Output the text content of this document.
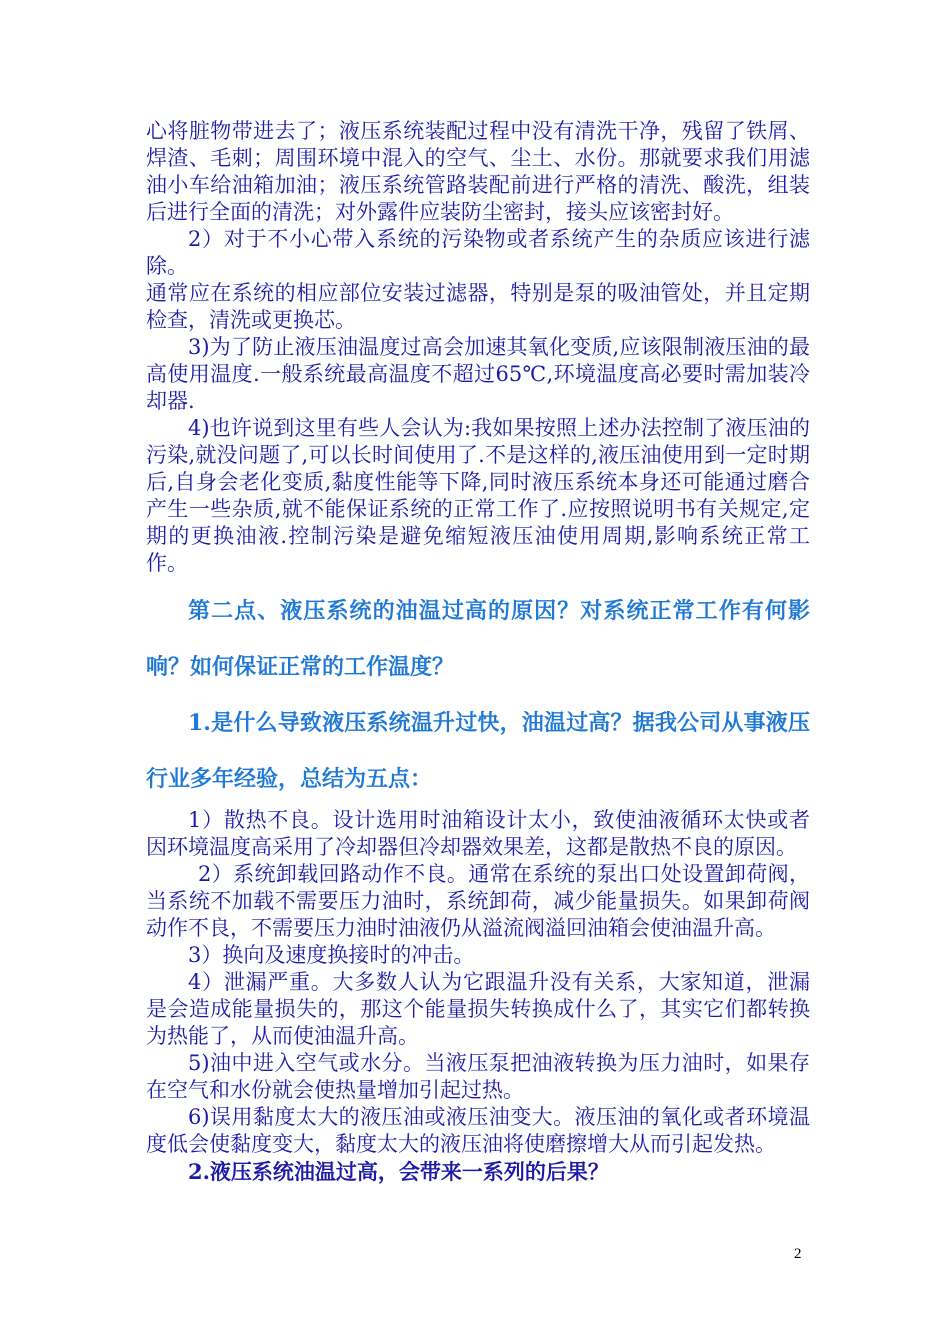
心将脏物带进去了；液压系统装配过程中没有清洗干净，残留了铁屑、焊渣、毛刺；周围环境中混入的空气、尘土、水份。那就要求我们用滤油小车给油箱加油；液压系统管路装配前进行严格的清洗、酸洗，组装后进行全面的清洗；对外露件应装防尘密封，接头应该密封好。

2）对于不小心带入系统的污染物或者系统产生的杂质应该进行滤除。

通常应在系统的相应部位安装过滤器，特别是泵的吸油管处，并且定期检查，清洗或更换芯。

3)为了防止液压油温度过高会加速其氧化变质,应该限制液压油的最高使用温度.一般系统最高温度不超过65℃,环境温度高必要时需加装冷却器.

4)也许说到这里有些人会认为:我如果按照上述办法控制了液压油的污染,就没问题了,可以长时间使用了.不是这样的,液压油使用到一定时期后,自身会老化变质,黏度性能等下降,同时液压系统本身还可能通过磨合产生一些杂质,就不能保证系统的正常工作了.应按照说明书有关规定,定期的更换油液.控制污染是避免缩短液压油使用周期,影响系统正常工作。

第二点、液压系统的油温过高的原因？对系统正常工作有何影响？如何保证正常的工作温度？

1.是什么导致液压系统温升过快，油温过高？据我公司从事液压行业多年经验，总结为五点：

1）散热不良。设计选用时油箱设计太小，致使油液循环太快或者因环境温度高采用了冷却器但冷却器效果差，这都是散热不良的原因。

2）系统卸载回路动作不良。通常在系统的泵出口处设置卸荷阀，当系统不加载不需要压力油时，系统卸荷，减少能量损失。如果卸荷阀动作不良，不需要压力油时油液仍从溢流阀溢回油箱会使油温升高。

3）换向及速度换接时的冲击。

4）泄漏严重。大多数人认为它跟温升没有关系，大家知道，泄漏是会造成能量损失的，那这个能量损失转换成什么了，其实它们都转换为热能了，从而使油温升高。

5)油中进入空气或水分。当液压泵把油液转换为压力油时，如果存在空气和水份就会使热量增加引起过热。

6)误用黏度太大的液压油或液压油变大。液压油的氧化或者环境温度低会使黏度变大，黏度太大的液压油将使磨擦增大从而引起发热。

2.液压系统油温过高，会带来一系列的后果？

2
